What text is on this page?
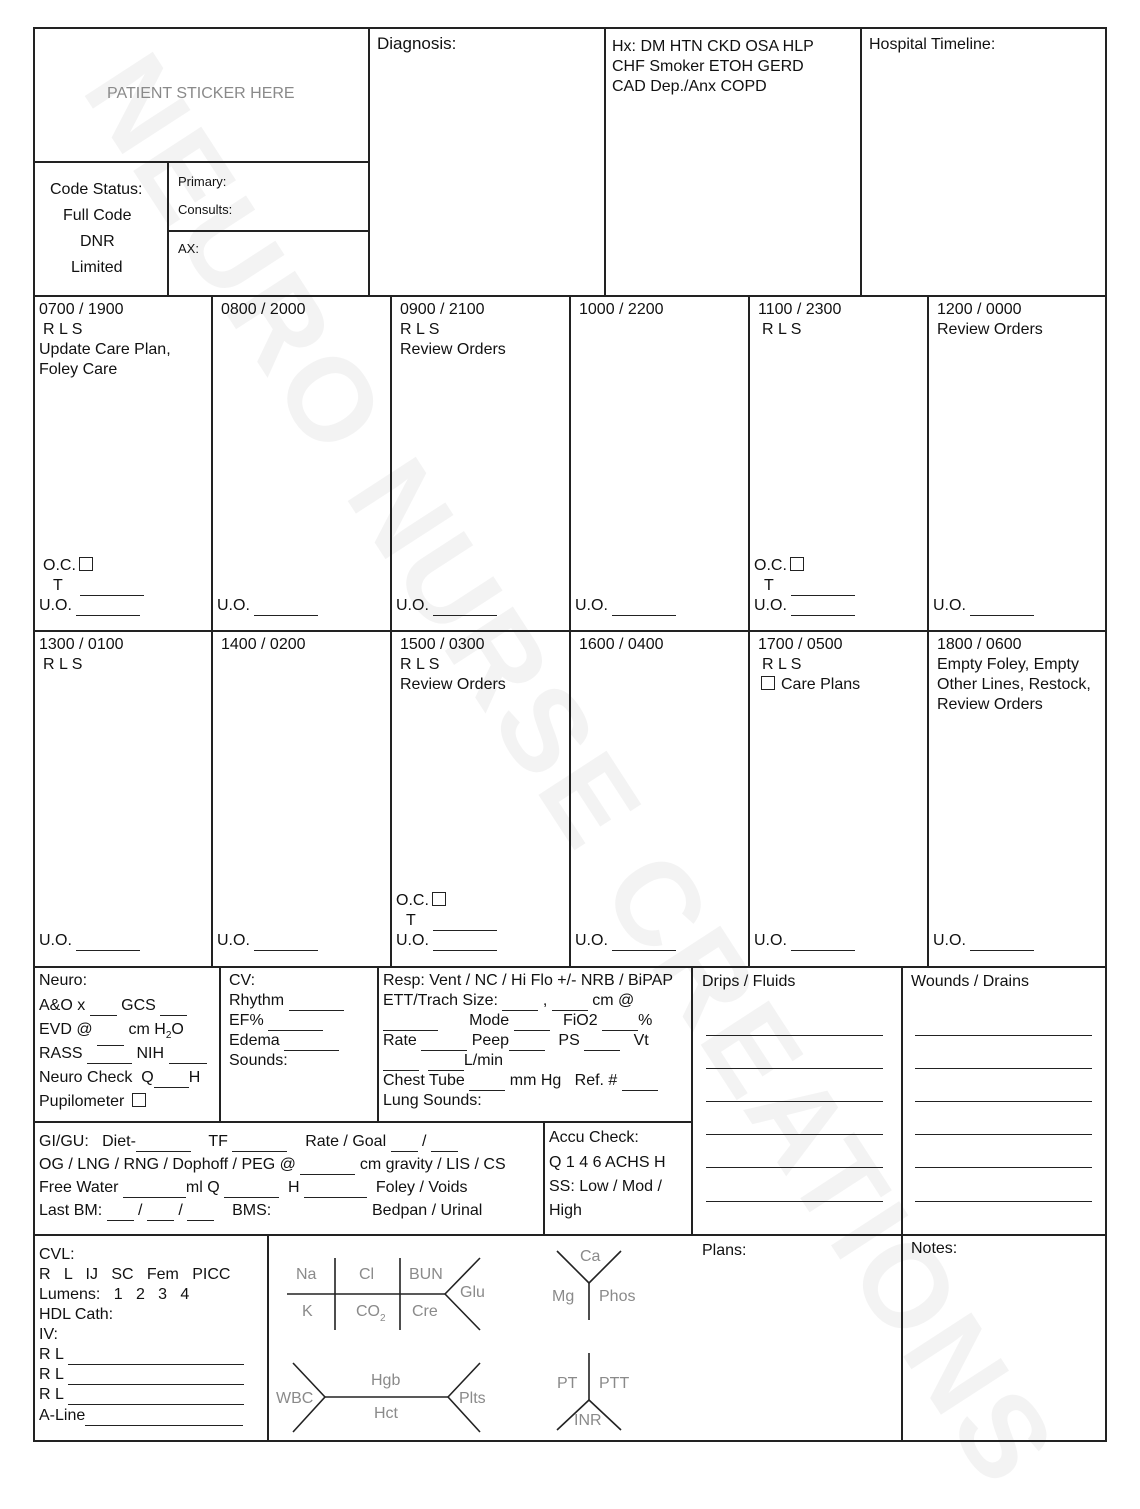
PATIENT STICKER HERE
Code Status:
Full Code
DNR
Limited
Primary:
Consults:
AX:
Diagnosis:	Hx: DM HTN CKD OSA HLP
CHF Smoker ETOH GERD
CAD Dep./Anx COPD
Hospital Timeline:
0700 / 1900
R L S
Update Care Plan,
Foley Care
O.C.
T
U.O.
0800 / 2000
U.O.
0900 / 2100
R L S
Review Orders
U.O.
1000 / 2200
U.O.
1100 / 2300
R L S
O.C.
T
U.O.
1200 / 0000
Review Orders
U.O.
1300 / 0100
R L S
U.O.
1400 / 0200
U.O.
1500 / 0300
R L S
Review Orders
O.C.
T
U.O.
1600 / 0400
U.O.
1700 / 0500
R L S
Care Plans
U.O.
1800 / 0600
Empty Foley, Empty
Other Lines, Restock,
Review Orders
U.O.
Neuro:
A&O x GCS
EVD @ cm $H_2O$
RASS	NIH
Neuro Check  Q H
Pupilometer
CV:
Rhythm
EF%
Edema
Sounds:
Resp: Vent / NC / Hi Flo +/- NRB / BiPAP
ETT/Trach Size:	,	cm @
Mode	FiO2	%
Rate	Peep	PS	Vt
L/min
Chest Tube	mm Hg Ref. #
Lung Sounds:
Drips / Fluids	Wounds / Drains
GI/GU: Diet-	TF	Rate / Goal /
OG / LNG / RNG / Dophoff / PEG @	cm gravity / LIS / CS
Free Water	ml Q	H	Foley / Voids
Last BM: / /	BMS:	Bedpan / Urinal
Accu Check:
Q 1 4 6 ACHS H
SS: Low / Mod /
High
CVL:
R   L   IJ   SC   Fem   PICC
Lumens:   1   2   3   4
HDL Cath:
IV:
R L
R L
R L
A-Line
Na	Cl BUN
Glu
K	$CO_2$ Cre
Ca
Mg Phos
WBC
Hgb
Hct
Plts
PT PTT
INR
Plans:	Notes:
